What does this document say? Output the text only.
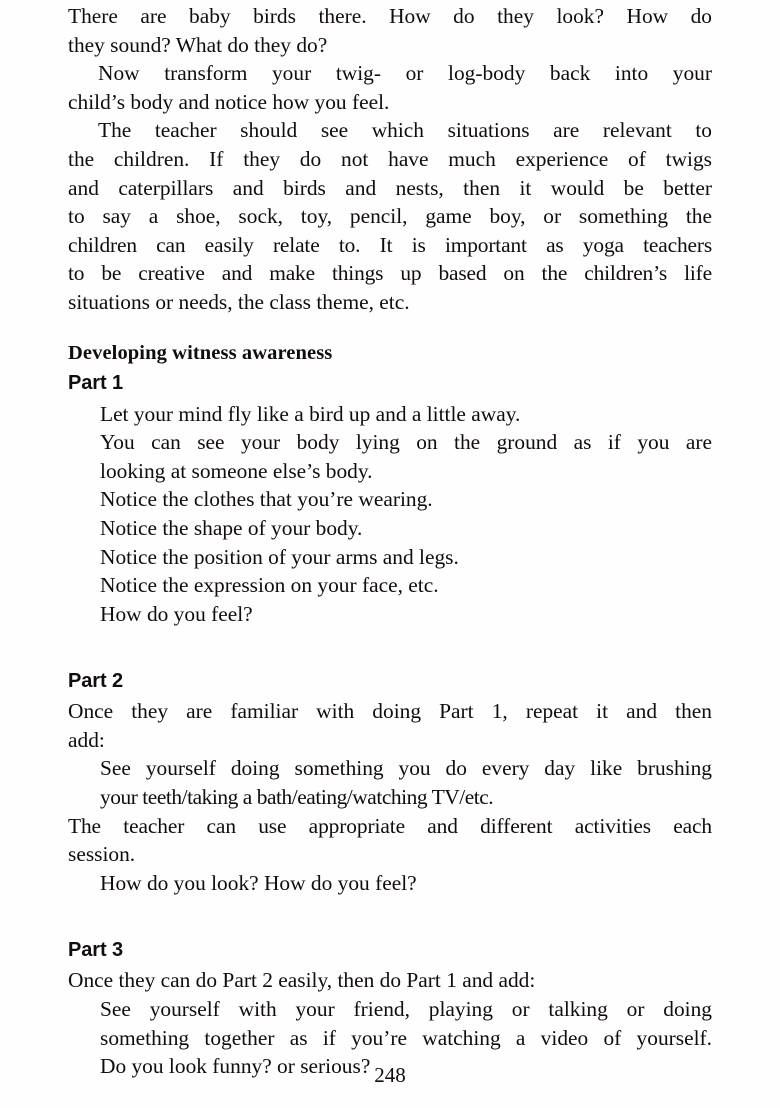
There are baby birds there. How do they look? How do
they sound? What do they do?
Now transform your twig- or log-body back into your
child’s body and notice how you feel.
The teacher should see which situations are relevant to
the children. If they do not have much experience of twigs
and caterpillars and birds and nests, then it would be better
to say a shoe, sock, toy, pencil, game boy, or something the
children can easily relate to. It is important as yoga teachers
to be creative and make things up based on the children’s life
situations or needs, the class theme, etc.
Developing witness awareness
Part 1
Let your mind fly like a bird up and a little away.
You can see your body lying on the ground as if you are
looking at someone else’s body.
Notice the clothes that you’re wearing.
Notice the shape of your body.
Notice the position of your arms and legs.
Notice the expression on your face, etc.
How do you feel?
Part 2
Once they are familiar with doing Part 1, repeat it and then
add:
See yourself doing something you do every day like brushing
your teeth/taking a bath/eating/watching TV/etc.
The teacher can use appropriate and different activities each
session.
How do you look? How do you feel?
Part 3
Once they can do Part 2 easily, then do Part 1 and add:
See yourself with your friend, playing or talking or doing
something together as if you’re watching a video of yourself.
Do you look funny? or serious? 248
